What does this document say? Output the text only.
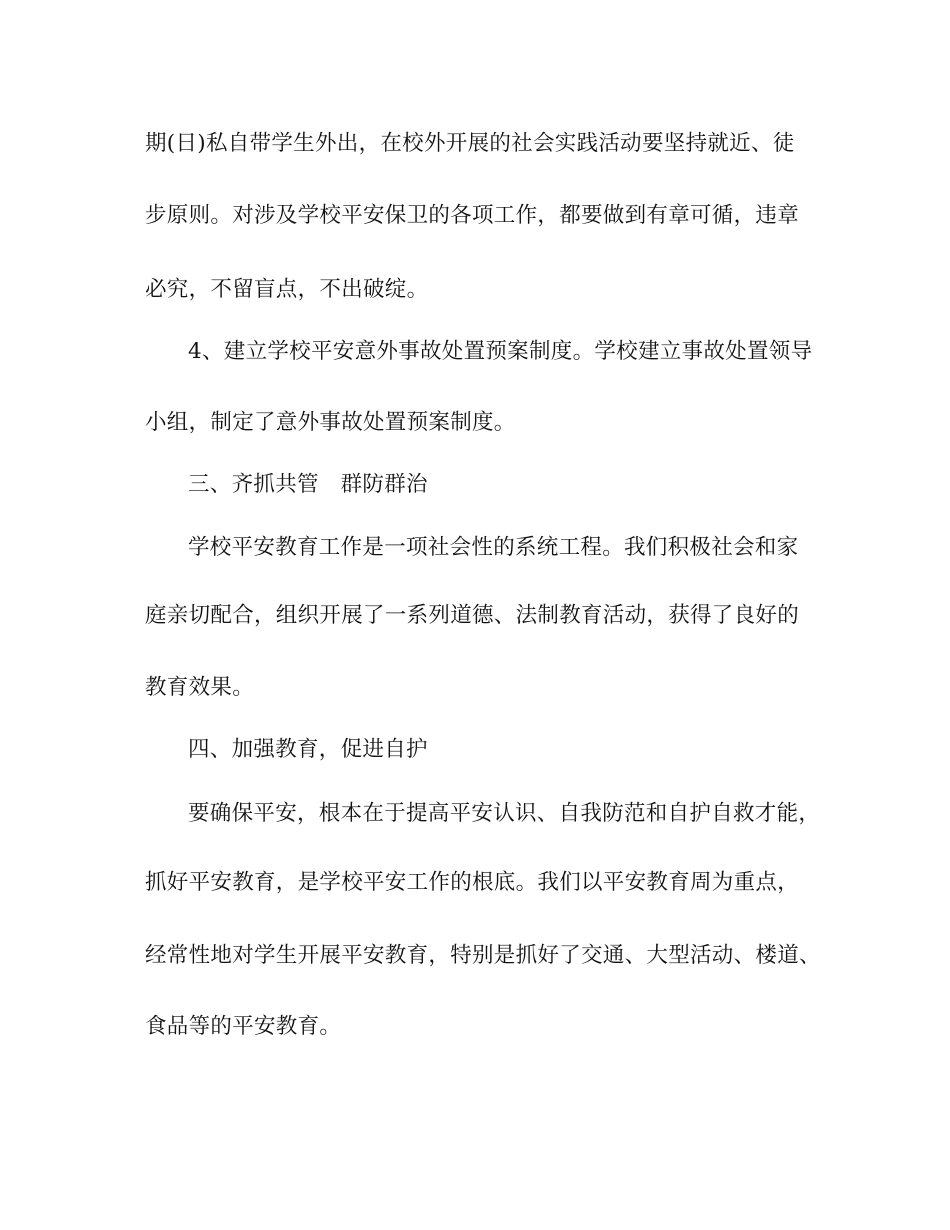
期(日)私自带学生外出，在校外开展的社会实践活动要坚持就近、徒
步原则。对涉及学校平安保卫的各项工作，都要做到有章可循，违章
必究，不留盲点，不出破绽。
4、建立学校平安意外事故处置预案制度。学校建立事故处置领导
小组，制定了意外事故处置预案制度。
三、齐抓共管　群防群治
学校平安教育工作是一项社会性的系统工程。我们积极社会和家
庭亲切配合，组织开展了一系列道德、法制教育活动，获得了良好的
教育效果。
四、加强教育，促进自护
要确保平安，根本在于提高平安认识、自我防范和自护自救才能，
抓好平安教育，是学校平安工作的根底。我们以平安教育周为重点，
经常性地对学生开展平安教育，特别是抓好了交通、大型活动、楼道、
食品等的平安教育。
